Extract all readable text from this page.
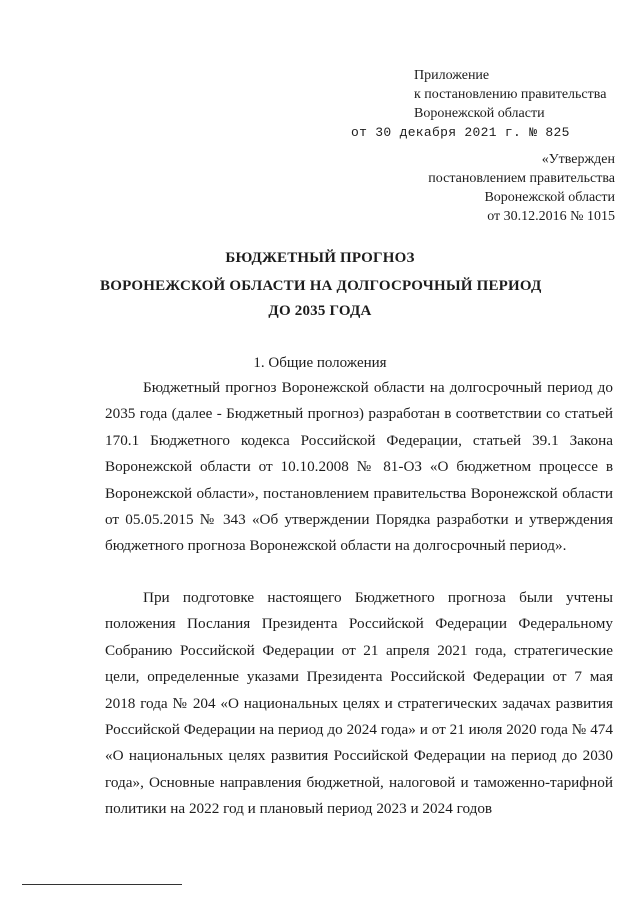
Приложение
к постановлению правительства
Воронежской области
от 30 декабря 2021 г. № 825
«Утвержден
постановлением правительства
Воронежской области
от 30.12.2016 № 1015
БЮДЖЕТНЫЙ ПРОГНОЗ
ВОРОНЕЖСКОЙ ОБЛАСТИ НА ДОЛГОСРОЧНЫЙ ПЕРИОД
ДО 2035 ГОДА
1. Общие положения
Бюджетный прогноз Воронежской области на долгосрочный период до 2035 года (далее - Бюджетный прогноз) разработан в соответствии со статьей 170.1 Бюджетного кодекса Российской Федерации, статьей 39.1 Закона Воронежской области от 10.10.2008 № 81-ОЗ «О бюджетном процессе в Воронежской области», постановлением правительства Воронежской области от 05.05.2015 № 343 «Об утверждении Порядка разработки и утверждения бюджетного прогноза Воронежской области на долгосрочный период».
При подготовке настоящего Бюджетного прогноза были учтены положения Послания Президента Российской Федерации Федеральному Собранию Российской Федерации от 21 апреля 2021 года, стратегические цели, определенные указами Президента Российской Федерации от 7 мая 2018 года № 204 «О национальных целях и стратегических задачах развития Российской Федерации на период до 2024 года» и от 21 июля 2020 года № 474 «О национальных целях развития Российской Федерации на период до 2030 года», Основные направления бюджетной, налоговой и таможенно-тарифной политики на 2022 год и плановый период 2023 и 2024 годов
